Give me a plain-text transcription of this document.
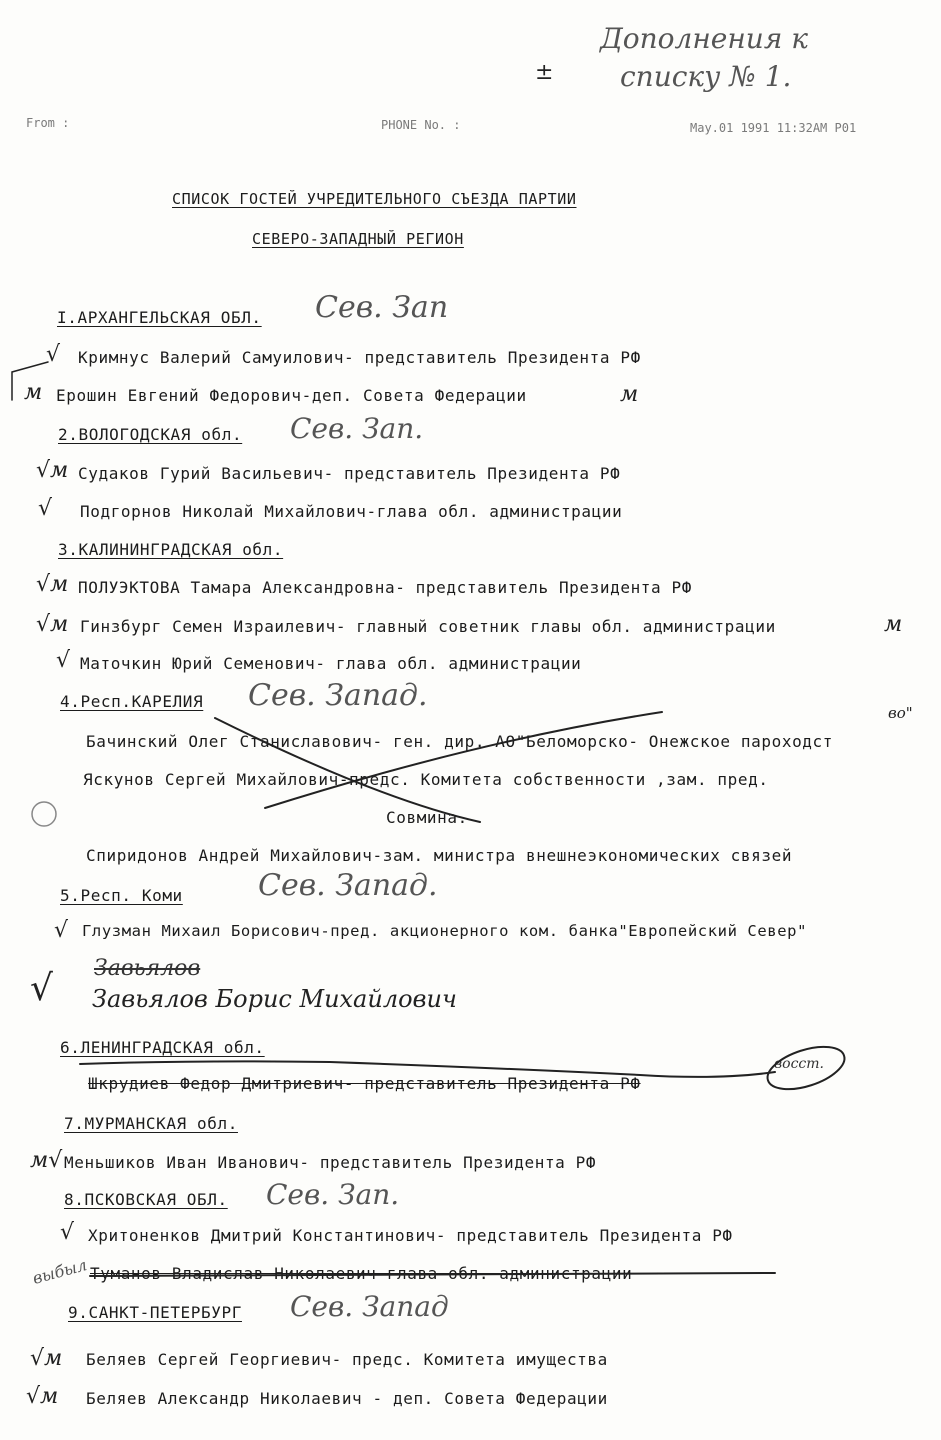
Дополнения к
списку № 1.
±
From :	PHONE No. :	May.01 1991 11:32AM P01
СПИСОК ГОСТЕЙ УЧРЕДИТЕЛЬНОГО СЪЕЗДА ПАРТИИ
СЕВЕРО-ЗАПАДНЫЙ РЕГИОН
I.АРХАНГЕЛЬСКАЯ ОБЛ. Сев. Зап
√ Кримнус Валерий Самуилович- представитель Президента РФ
м Ерошин Евгений Федорович-деп. Совета Федерации	м
2.ВОЛОГОДСКАЯ обл. Сев. Зап.
√м Судаков Гурий Васильевич- представитель Президента РФ
√ Подгорнов Николай Михайлович-глава обл. администрации
3.КАЛИНИНГРАДСКАЯ обл.
√м ПОЛУЭКТОВА Тамара Александровна- представитель Президента РФ
√м Гинзбург Семен Израилевич- главный советник главы обл. администрации	м
√ Маточкин Юрий Семенович- глава обл. администрации
4.Респ.КАРЕЛИЯ Сев. Запад.	во"
Бачинский Олег Станиславович- ген. дир. АО"Беломорско- Онежское пароходст
Яскунов Сергей Михайлович-предс. Комитета собственности ,зам. пред.
Совмина.
Спиридонов Андрей Михайлович-зам. министра внешнеэкономических связей
5.Респ. Коми	Сев. Запад.
√ Глузман Михаил Борисович-пред. акционерного ком. банка"Европейский Север"
√ Завьялов
Завьялов Борис Михайлович
6.ЛЕНИНГРАДСКАЯ обл.
Шкрудиев Федор Дмитриевич- представитель Президента РФ
восст.
7.МУРМАНСКАЯ обл.
м√ Меньшиков Иван Иванович- представитель Президента РФ
8.ПСКОВСКАЯ ОБЛ. Сев. Зап.
√ Хритоненков Дмитрий Константинович- представитель Президента РФ
выбыл Туманов Владислав Николаевич-глава обл. администрации
9.САНКТ-ПЕТЕРБУРГ Сев. Запад
√м Беляев Сергей Георгиевич- предс. Комитета имущества
√м Беляев Александр Николаевич - деп. Совета Федерации
